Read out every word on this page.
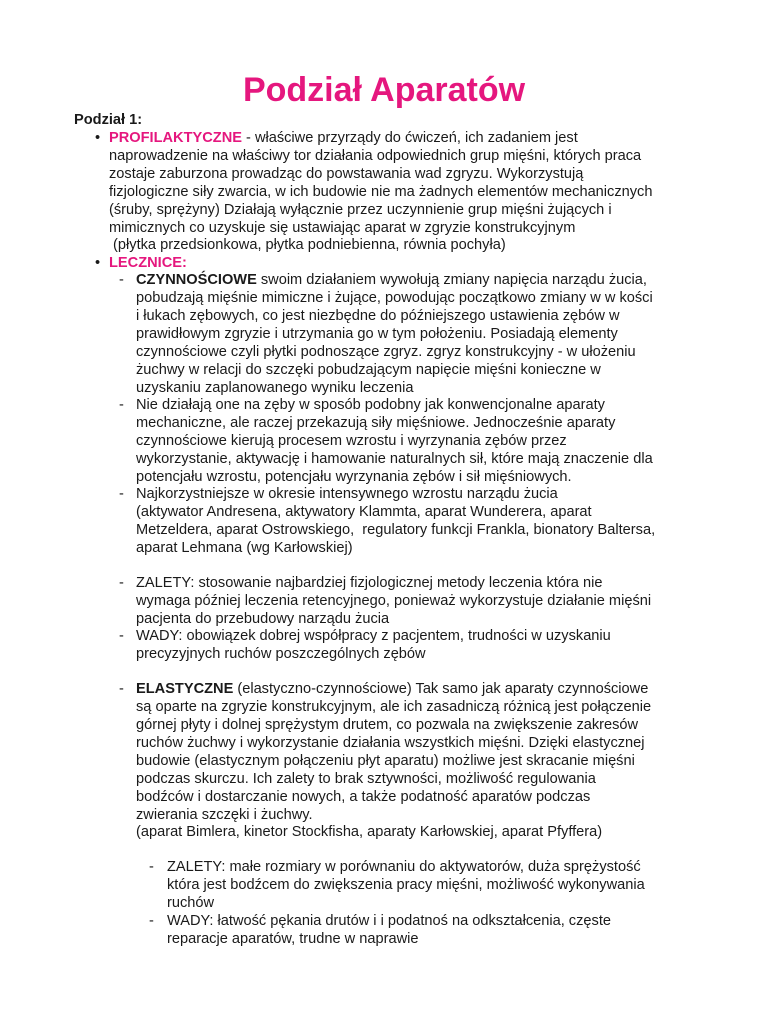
Podział Aparatów
Podział 1:
• PROFILAKTYCZNE - właściwe przyrządy do ćwiczeń, ich zadaniem jest
naprowadzenie na właściwy tor działania odpowiednich grup mięśni, których praca
zostaje zaburzona prowadząc do powstawania wad zgryzu. Wykorzystują
fizjologiczne siły zwarcia, w ich budowie nie ma żadnych elementów mechanicznych
(śruby, sprężyny) Działają wyłącznie przez uczynnienie grup mięśni żujących i
mimicznych co uzyskuje się ustawiając aparat w zgryzie konstrukcyjnym
(płytka przedsionkowa, płytka podniebienna, równia pochyła)
• LECZNICE:
- CZYNNOŚCIOWE swoim działaniem wywołują zmiany napięcia narządu żucia,
pobudzają mięśnie mimiczne i żujące, powodując początkowo zmiany w w kości
i łukach zębowych, co jest niezbędne do późniejszego ustawienia zębów w
prawidłowym zgryzie i utrzymania go w tym położeniu. Posiadają elementy
czynnościowe czyli płytki podnoszące zgryz. zgryz konstrukcyjny - w ułożeniu
żuchwy w relacji do szczęki pobudzającym napięcie mięśni konieczne w
uzyskaniu zaplanowanego wyniku leczenia
- Nie działają one na zęby w sposób podobny jak konwencjonalne aparaty
mechaniczne, ale raczej przekazują siły mięśniowe. Jednocześnie aparaty
czynnościowe kierują procesem wzrostu i wyrzynania zębów przez
wykorzystanie, aktywację i hamowanie naturalnych sił, które mają znaczenie dla
potencjału wzrostu, potencjału wyrzynania zębów i sił mięśniowych.
- Najkorzystniejsze w okresie intensywnego wzrostu narządu żucia
(aktywator Andresena, aktywatory Klammta, aparat Wunderera, aparat
Metzeldera, aparat Ostrowskiego,  regulatory funkcji Frankla, bionatory Baltersa,
aparat Lehmana (wg Karłowskiej)
- ZALETY: stosowanie najbardziej fizjologicznej metody leczenia która nie
wymaga później leczenia retencyjnego, ponieważ wykorzystuje działanie mięśni
pacjenta do przebudowy narządu żucia
- WADY: obowiązek dobrej współpracy z pacjentem, trudności w uzyskaniu
precyzyjnych ruchów poszczególnych zębów
- ELASTYCZNE (elastyczno-czynnościowe) Tak samo jak aparaty czynnościowe
są oparte na zgryzie konstrukcyjnym, ale ich zasadniczą różnicą jest połączenie
górnej płyty i dolnej sprężystym drutem, co pozwala na zwiększenie zakresów
ruchów żuchwy i wykorzystanie działania wszystkich mięśni. Dzięki elastycznej
budowie (elastycznym połączeniu płyt aparatu) możliwe jest skracanie mięśni
podczas skurczu. Ich zalety to brak sztywności, możliwość regulowania
bodźców i dostarczanie nowych, a także podatność aparatów podczas
zwierania szczęki i żuchwy.
(aparat Bimlera, kinetor Stockfisha, aparaty Karłowskiej, aparat Pfyffera)
- ZALETY: małe rozmiary w porównaniu do aktywatorów, duża sprężystość
która jest bodźcem do zwiększenia pracy mięśni, możliwość wykonywania
ruchów
- WADY: łatwość pękania drutów i i podatnoś na odkształcenia, częste
reparacje aparatów, trudne w naprawie
